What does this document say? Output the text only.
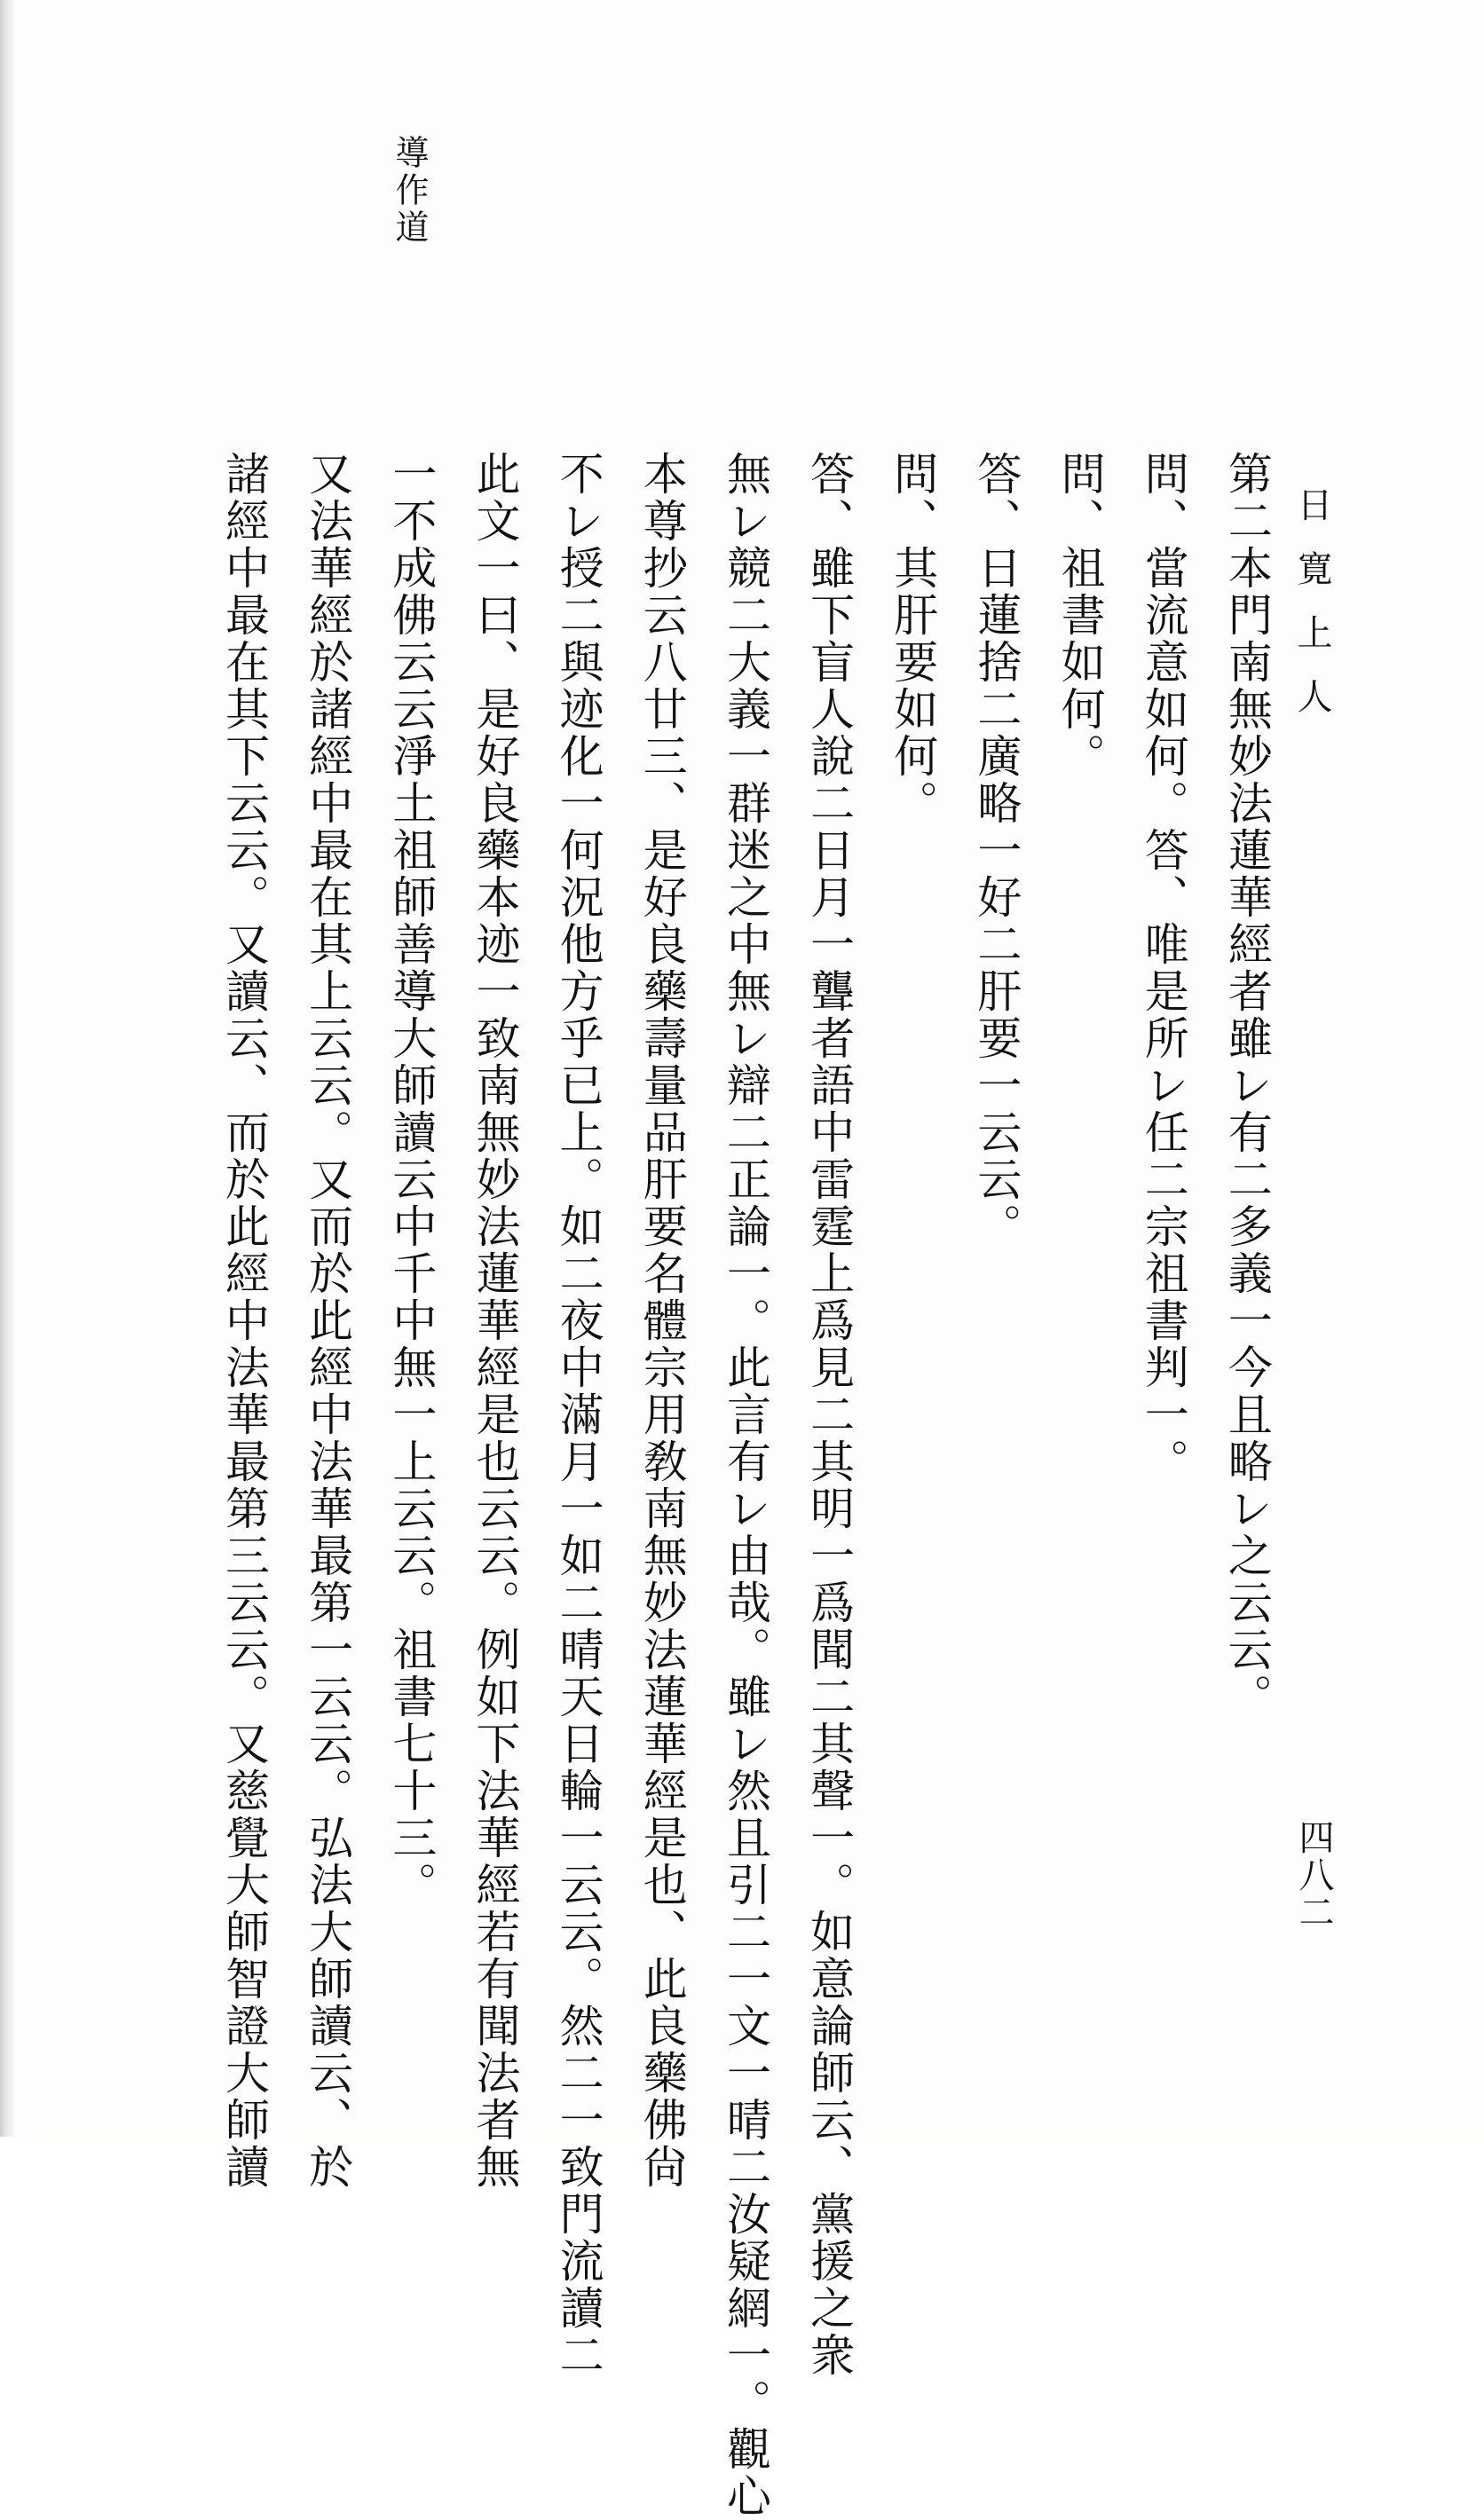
日寛上人
四八二
導作道
第二本門南無妙法蓮華經者雖レ有二多義一今且略レ之云云。
問、當流意如何。答、唯是所レ任二宗祖書判一。
問、祖書如何。
答、日蓮捨二廣略一好二肝要一云云。
問、其肝要如何。
答、雖下盲人說二日月一聾者語中雷霆上爲見二其明一爲聞二其聲一。如意論師云、黨援之衆
無レ競二大義一群迷之中無レ辯二正論一。此言有レ由哉。雖レ然且引二一文一晴二汝疑網一。觀心
本尊抄云八廿三、是好良藥壽量品肝要名體宗用敎南無妙法蓮華經是也、此良藥佛尙
不レ授二與迹化一何況他方乎已上。如二夜中滿月一如二晴天日輪一云云。然二一致門流讀二
此文一曰、是好良藥本迹一致南無妙法蓮華經是也云云。例如下法華經若有聞法者無
一不成佛云云淨土祖師善導大師讀云中千中無一上云云。祖書七十三。
又法華經於諸經中最在其上云云。又而於此經中法華最第一云云。弘法大師讀云、於
諸經中最在其下云云。又讀云、而於此經中法華最第三云云。又慈覺大師智證大師讀
